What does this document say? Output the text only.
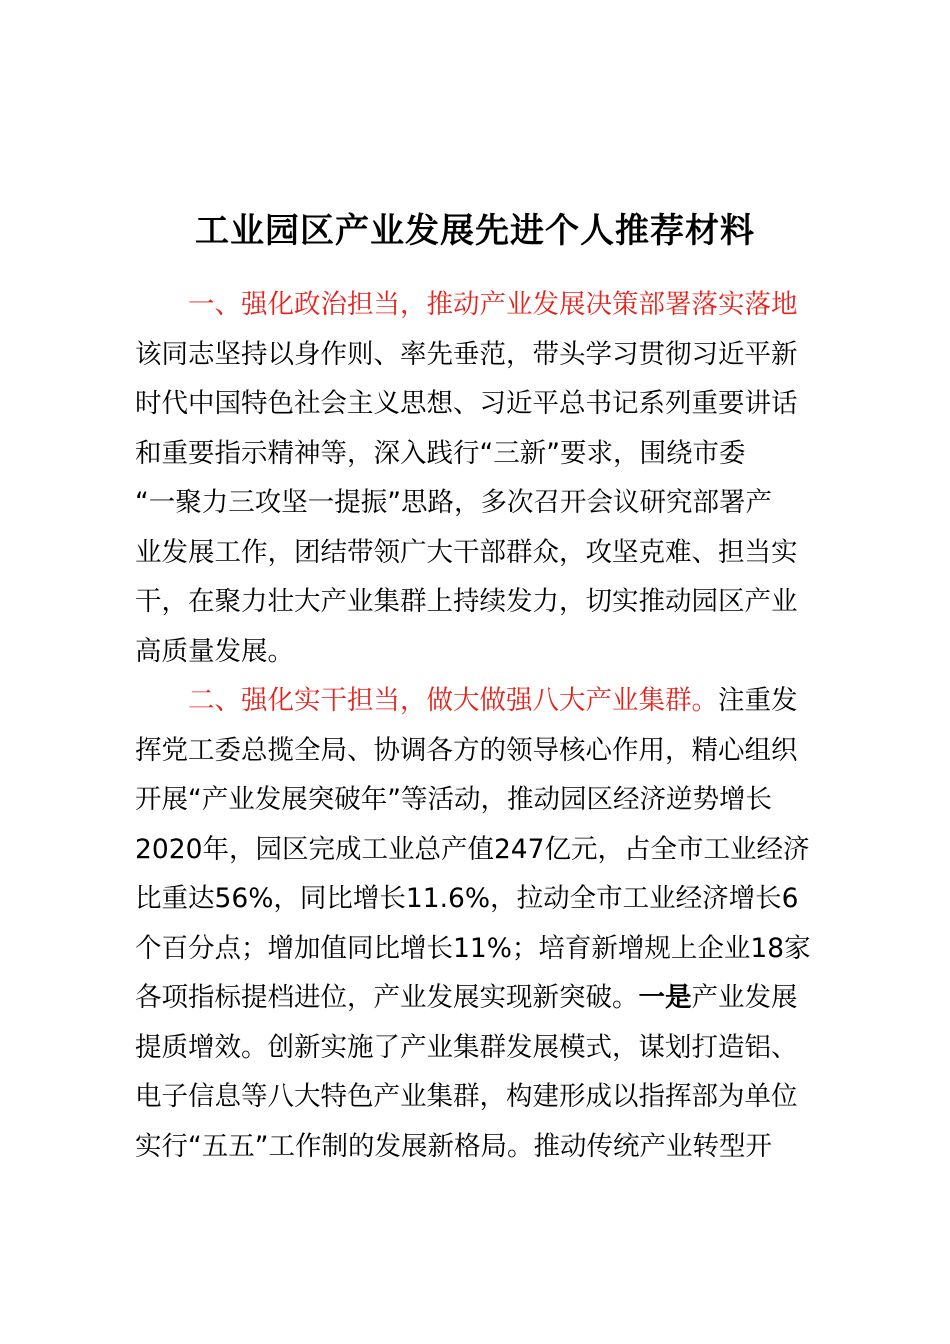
工业园区产业发展先进个人推荐材料
一、强化政治担当，推动产业发展决策部署落实落地
该同志坚持以身作则、率先垂范，带头学习贯彻习近平新
时代中国特色社会主义思想、习近平总书记系列重要讲话
和重要指示精神等，深入践行“三新”要求，围绕市委
“一聚力三攻坚一提振”思路，多次召开会议研究部署产
业发展工作，团结带领广大干部群众，攻坚克难、担当实
干，在聚力壮大产业集群上持续发力，切实推动园区产业
高质量发展。
二、强化实干担当，做大做强八大产业集群。注重发
挥党工委总揽全局、协调各方的领导核心作用，精心组织
开展“产业发展突破年”等活动，推动园区经济逆势增长
2020年，园区完成工业总产值247亿元，占全市工业经济
比重达56%，同比增长11.6%，拉动全市工业经济增长6
个百分点；增加值同比增长11%；培育新增规上企业18家
各项指标提档进位，产业发展实现新突破。一是产业发展
提质增效。创新实施了产业集群发展模式，谋划打造铝、
电子信息等八大特色产业集群，构建形成以指挥部为单位
实行“五五”工作制的发展新格局。推动传统产业转型开
